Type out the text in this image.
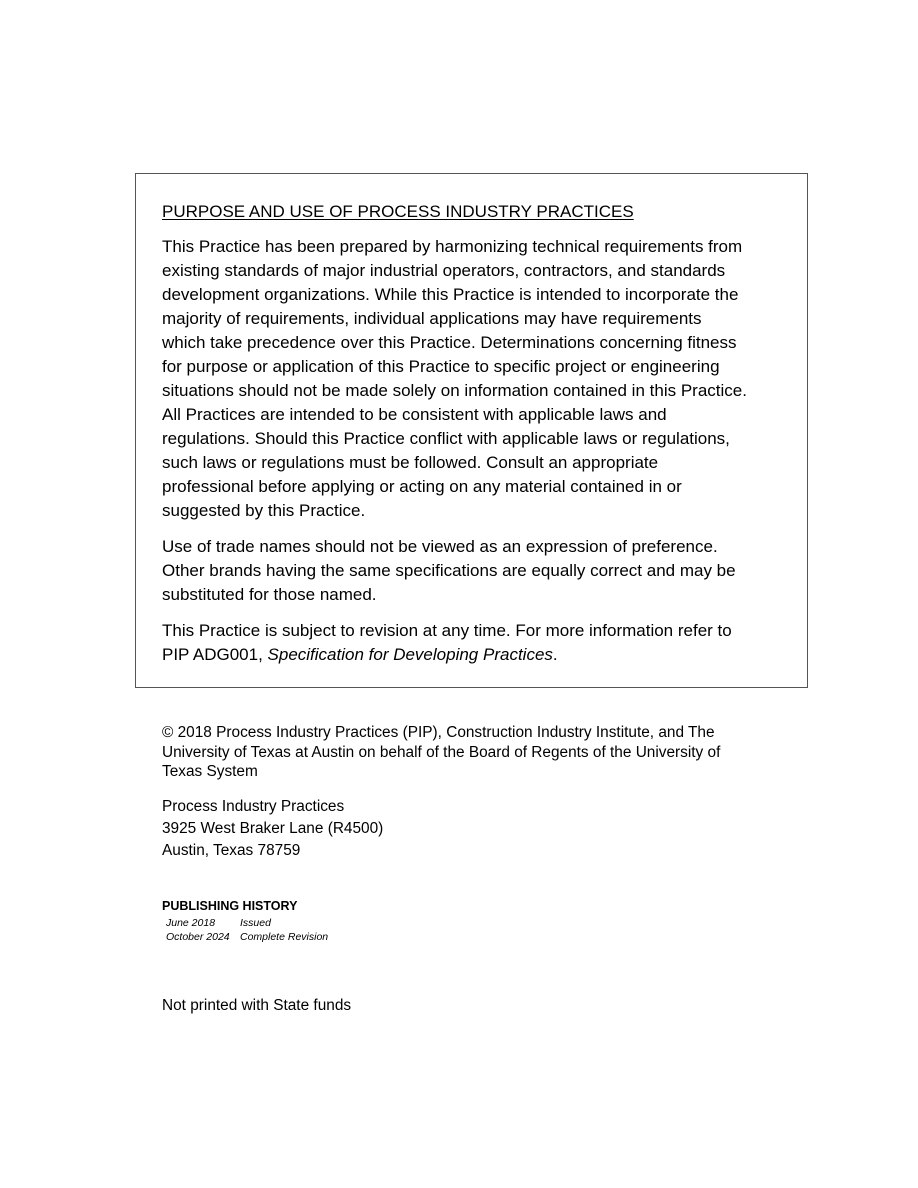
PURPOSE AND USE OF PROCESS INDUSTRY PRACTICES
This Practice has been prepared by harmonizing technical requirements from
existing standards of major industrial operators, contractors, and standards
development organizations. While this Practice is intended to incorporate the
majority of requirements, individual applications may have requirements
which take precedence over this Practice. Determinations concerning fitness
for purpose or application of this Practice to specific project or engineering
situations should not be made solely on information contained in this Practice.
All Practices are intended to be consistent with applicable laws and
regulations. Should this Practice conflict with applicable laws or regulations,
such laws or regulations must be followed. Consult an appropriate
professional before applying or acting on any material contained in or
suggested by this Practice.
Use of trade names should not be viewed as an expression of preference.
Other brands having the same specifications are equally correct and may be
substituted for those named.
This Practice is subject to revision at any time. For more information refer to
PIP ADG001, Specification for Developing Practices.
© 2018 Process Industry Practices (PIP), Construction Industry Institute, and The
University of Texas at Austin on behalf of the Board of Regents of the University of
Texas System
Process Industry Practices
3925 West Braker Lane (R4500)
Austin, Texas 78759
PUBLISHING HISTORY
June 2018	Issued
October 2024	Complete Revision
Not printed with State funds
